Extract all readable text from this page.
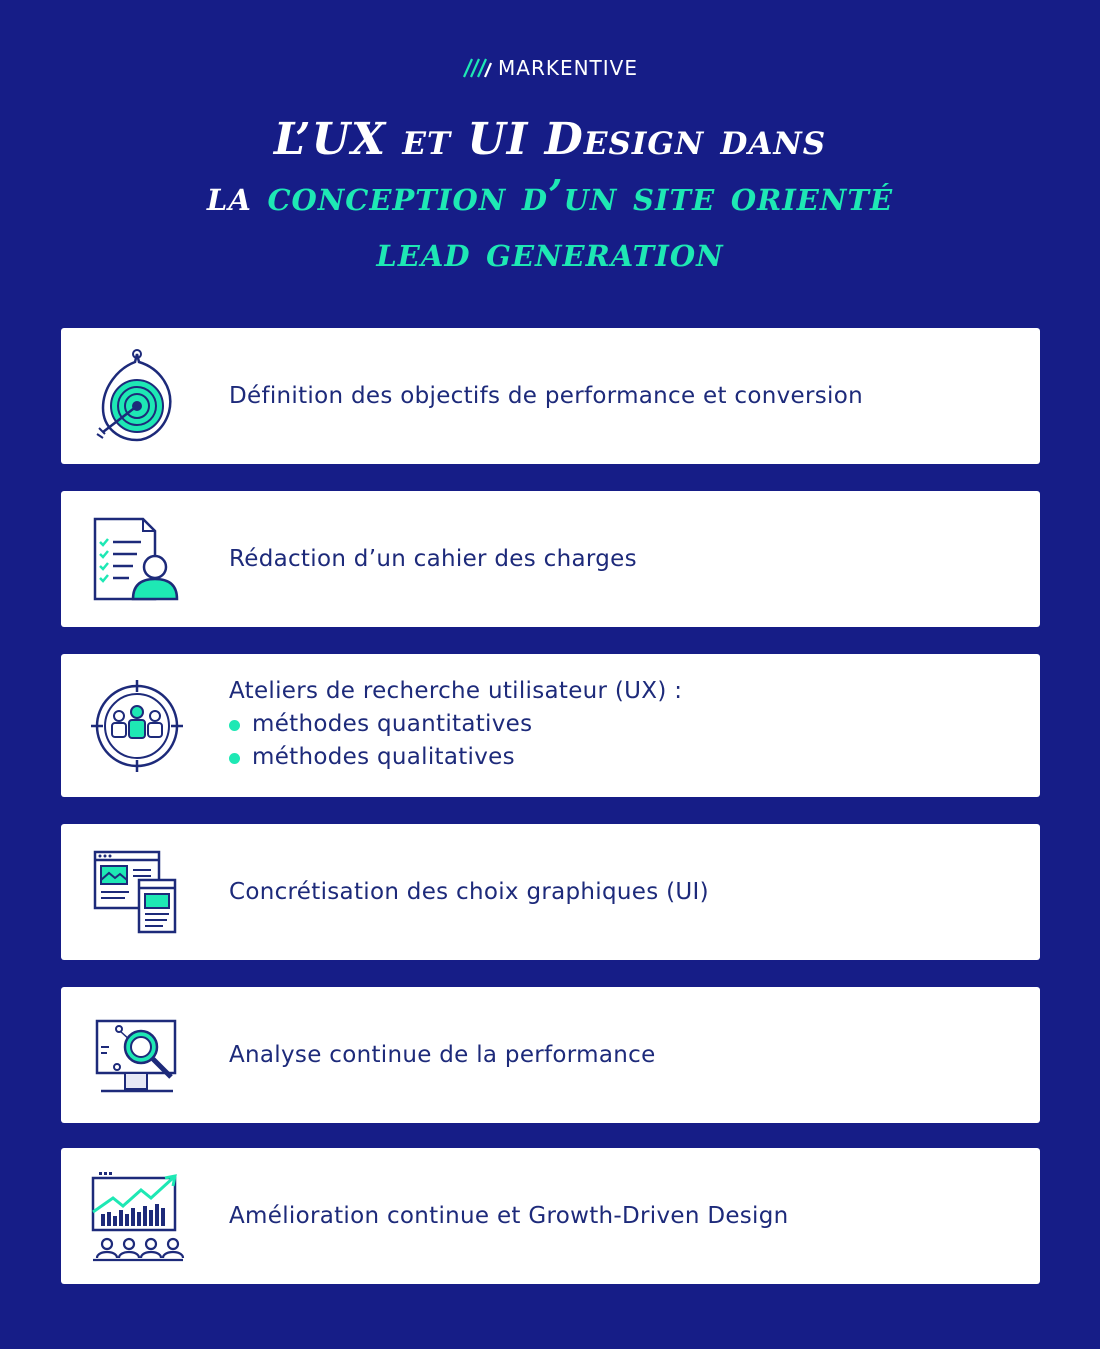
MARKENTIVE
L’UX et UI Design dans
la conception d’un site orienté
lead generation
Définition des objectifs de performance et conversion
Rédaction d’un cahier des charges
Ateliers de recherche utilisateur (UX) :
méthodes quantitatives
méthodes qualitatives
Concrétisation des choix graphiques (UI)
Analyse continue de la performance
Amélioration continue et Growth-Driven Design
